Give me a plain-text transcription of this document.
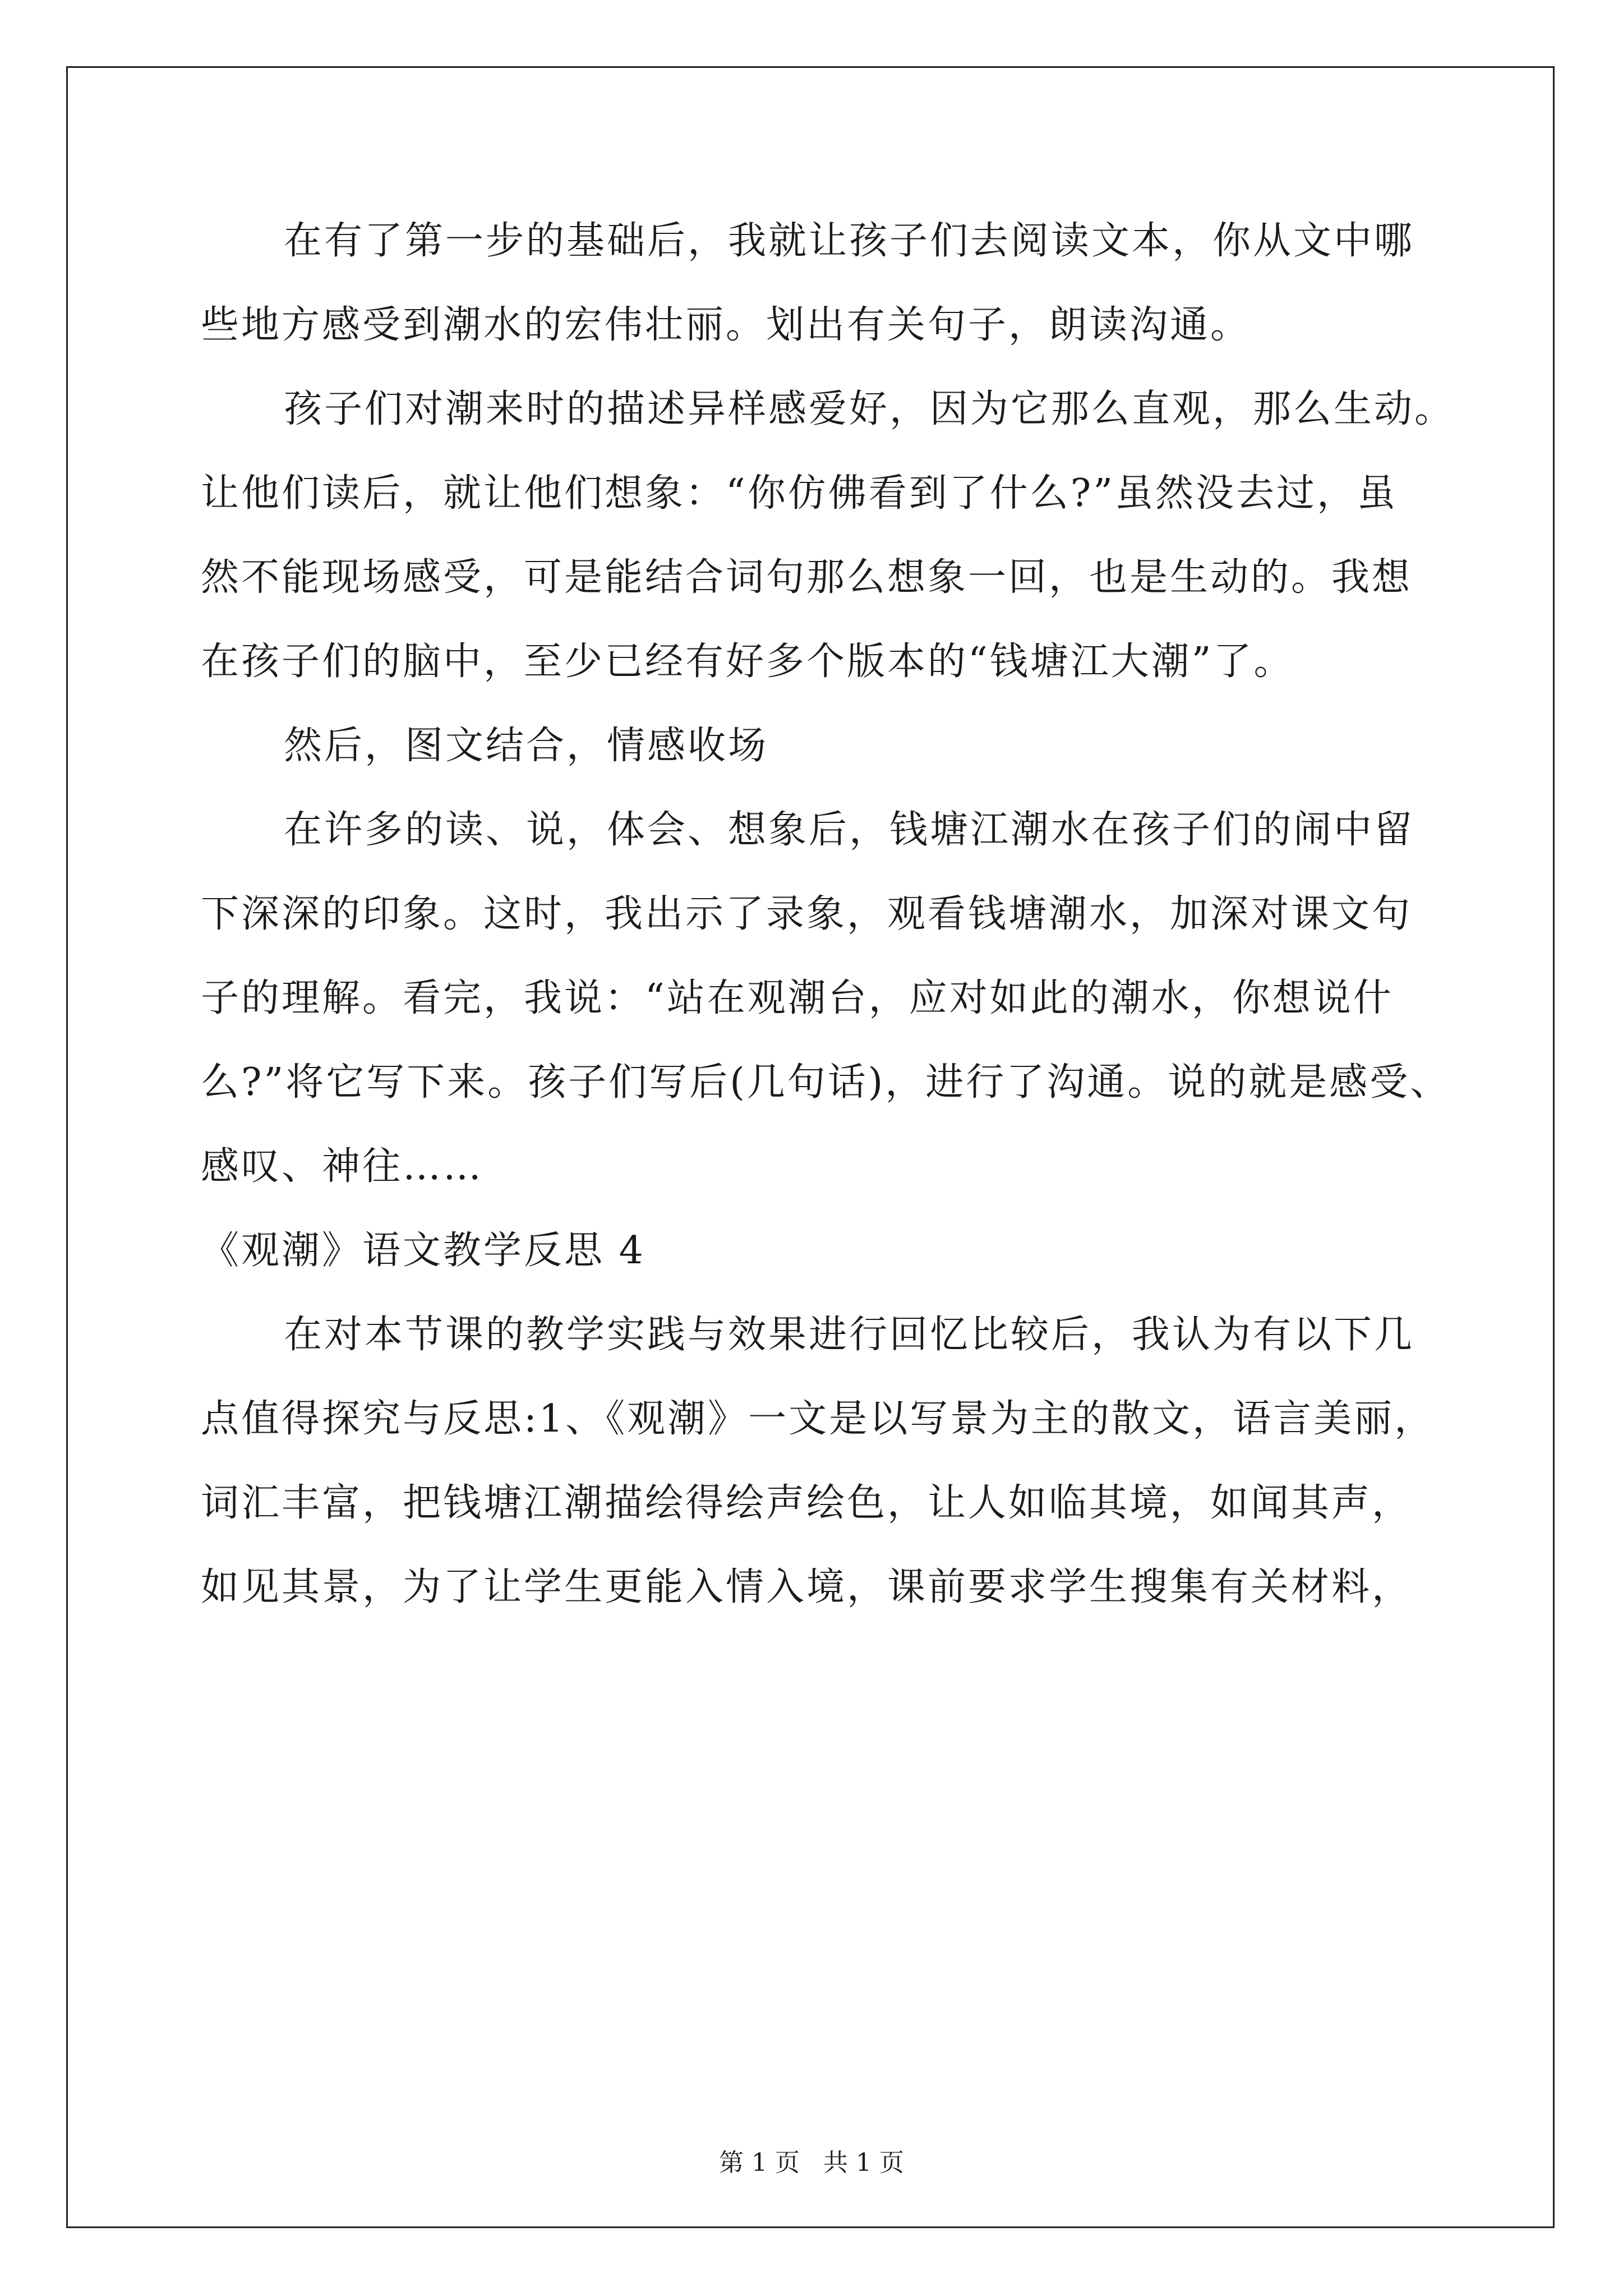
在有了第一步的基础后，我就让孩子们去阅读文本，你从文中哪
些地方感受到潮水的宏伟壮丽。划出有关句子，朗读沟通。
孩子们对潮来时的描述异样感爱好，因为它那么直观，那么生动。
让他们读后，就让他们想象：“你仿佛看到了什么?”虽然没去过，虽
然不能现场感受，可是能结合词句那么想象一回，也是生动的。我想
在孩子们的脑中，至少已经有好多个版本的“钱塘江大潮”了。
然后，图文结合，情感收场
在许多的读、说，体会、想象后，钱塘江潮水在孩子们的闹中留
下深深的印象。这时，我出示了录象，观看钱塘潮水，加深对课文句
子的理解。看完，我说：“站在观潮台，应对如此的潮水，你想说什
么?”将它写下来。孩子们写后(几句话)，进行了沟通。说的就是感受、
感叹、神往……
《观潮》语文教学反思 4
在对本节课的教学实践与效果进行回忆比较后，我认为有以下几
点值得探究与反思:1、《观潮》一文是以写景为主的散文，语言美丽，
词汇丰富，把钱塘江潮描绘得绘声绘色，让人如临其境，如闻其声，
如见其景，为了让学生更能入情入境，课前要求学生搜集有关材料，
第 1 页   共 1 页
